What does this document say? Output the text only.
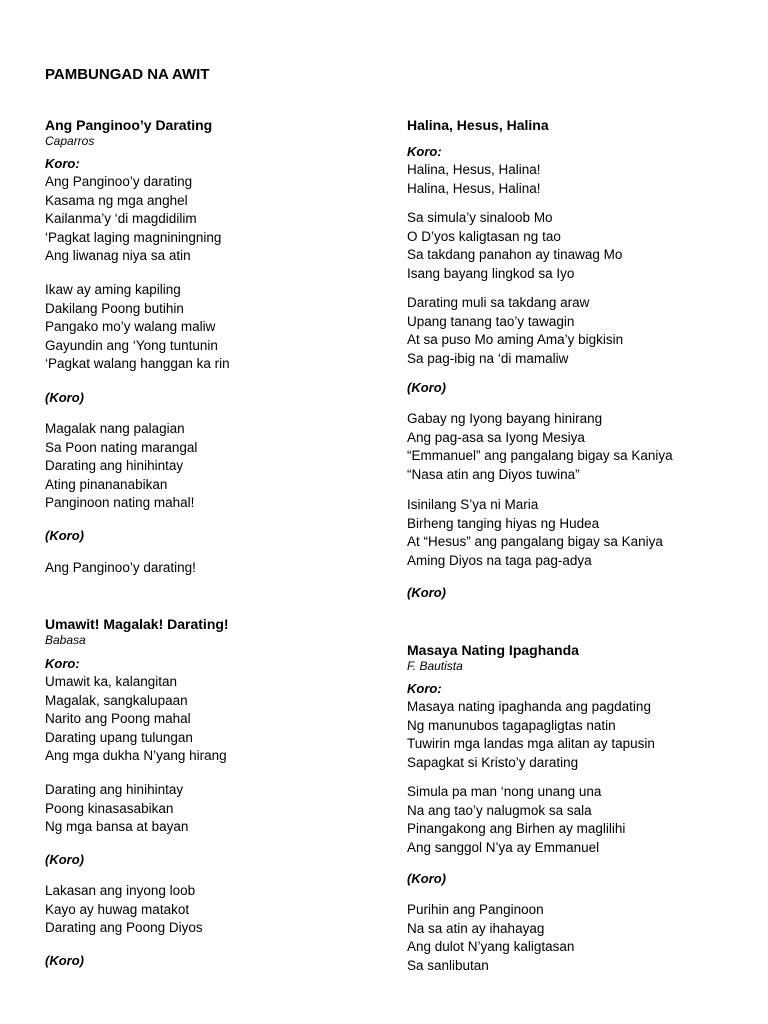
PAMBUNGAD NA AWIT
Ang Panginoo’y Darating
Caparros
Koro:
Ang Panginoo’y darating
Kasama ng mga anghel
Kailanma’y ‘di magdidilim
‘Pagkat laging magniningning
Ang liwanag niya sa atin
Ikaw ay aming kapiling
Dakilang Poong butihin
Pangako mo’y walang maliw
Gayundin ang ‘Yong tuntunin
‘Pagkat walang hanggan ka rin
(Koro)
Magalak nang palagian
Sa Poon nating marangal
Darating ang hinihintay
Ating pinananabikan
Panginoon nating mahal!
(Koro)
Ang Panginoo’y darating!
Umawit! Magalak! Darating!
Babasa
Koro:
Umawit ka, kalangitan
Magalak, sangkalupaan
Narito ang Poong mahal
Darating upang tulungan
Ang mga dukha N’yang hirang
Darating ang hinihintay
Poong kinasasabikan
Ng mga bansa at bayan
(Koro)
Lakasan ang inyong loob
Kayo ay huwag matakot
Darating ang Poong Diyos
(Koro)
Halina, Hesus, Halina
Koro:
Halina, Hesus, Halina!
Halina, Hesus, Halina!
Sa simula’y sinaloob Mo
O D’yos kaligtasan ng tao
Sa takdang panahon ay tinawag Mo
Isang bayang lingkod sa Iyo
Darating muli sa takdang araw
Upang tanang tao’y tawagin
At sa puso Mo aming Ama’y bigkisin
Sa pag-ibig na ‘di mamaliw
(Koro)
Gabay ng Iyong bayang hinirang
Ang pag-asa sa Iyong Mesiya
“Emmanuel” ang pangalang bigay sa Kaniya
“Nasa atin ang Diyos tuwina”
Isinilang S’ya ni Maria
Birheng tanging hiyas ng Hudea
At “Hesus” ang pangalang bigay sa Kaniya
Aming Diyos na taga pag-adya
(Koro)
Masaya Nating Ipaghanda
F. Bautista
Koro:
Masaya nating ipaghanda ang pagdating
Ng manunubos tagapagligtas natin
Tuwirin mga landas mga alitan ay tapusin
Sapagkat si Kristo’y darating
Simula pa man ‘nong unang una
Na ang tao’y nalugmok sa sala
Pinangakong ang Birhen ay maglilihi
Ang sanggol N’ya ay Emmanuel
(Koro)
Purihin ang Panginoon
Na sa atin ay ihahayag
Ang dulot N’yang kaligtasan
Sa sanlibutan
